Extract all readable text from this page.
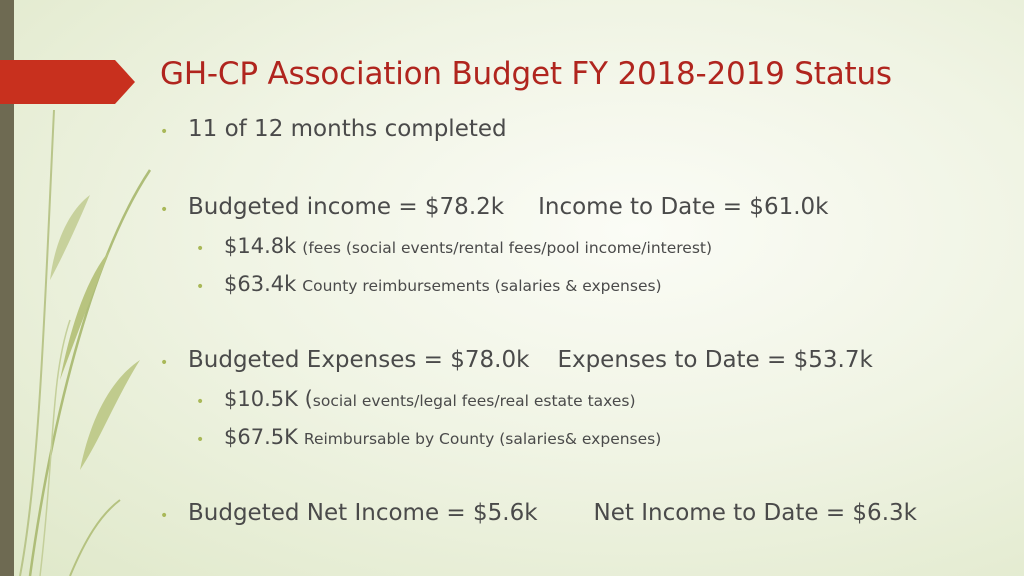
GH-CP Association Budget FY 2018-2019 Status
• 11 of 12 months completed
• Budgeted income = $78.2k Income to Date = $61.0k
• $14.8k (fees (social events/rental fees/pool income/interest)
• $63.4k County reimbursements (salaries & expenses)
• Budgeted Expenses = $78.0k Expenses to Date = $53.7k
• $10.5K ( social events/legal fees/real estate taxes)
• $67.5K Reimbursable by County (salaries& expenses)
• Budgeted Net Income = $5.6k Net Income to Date = $6.3k
